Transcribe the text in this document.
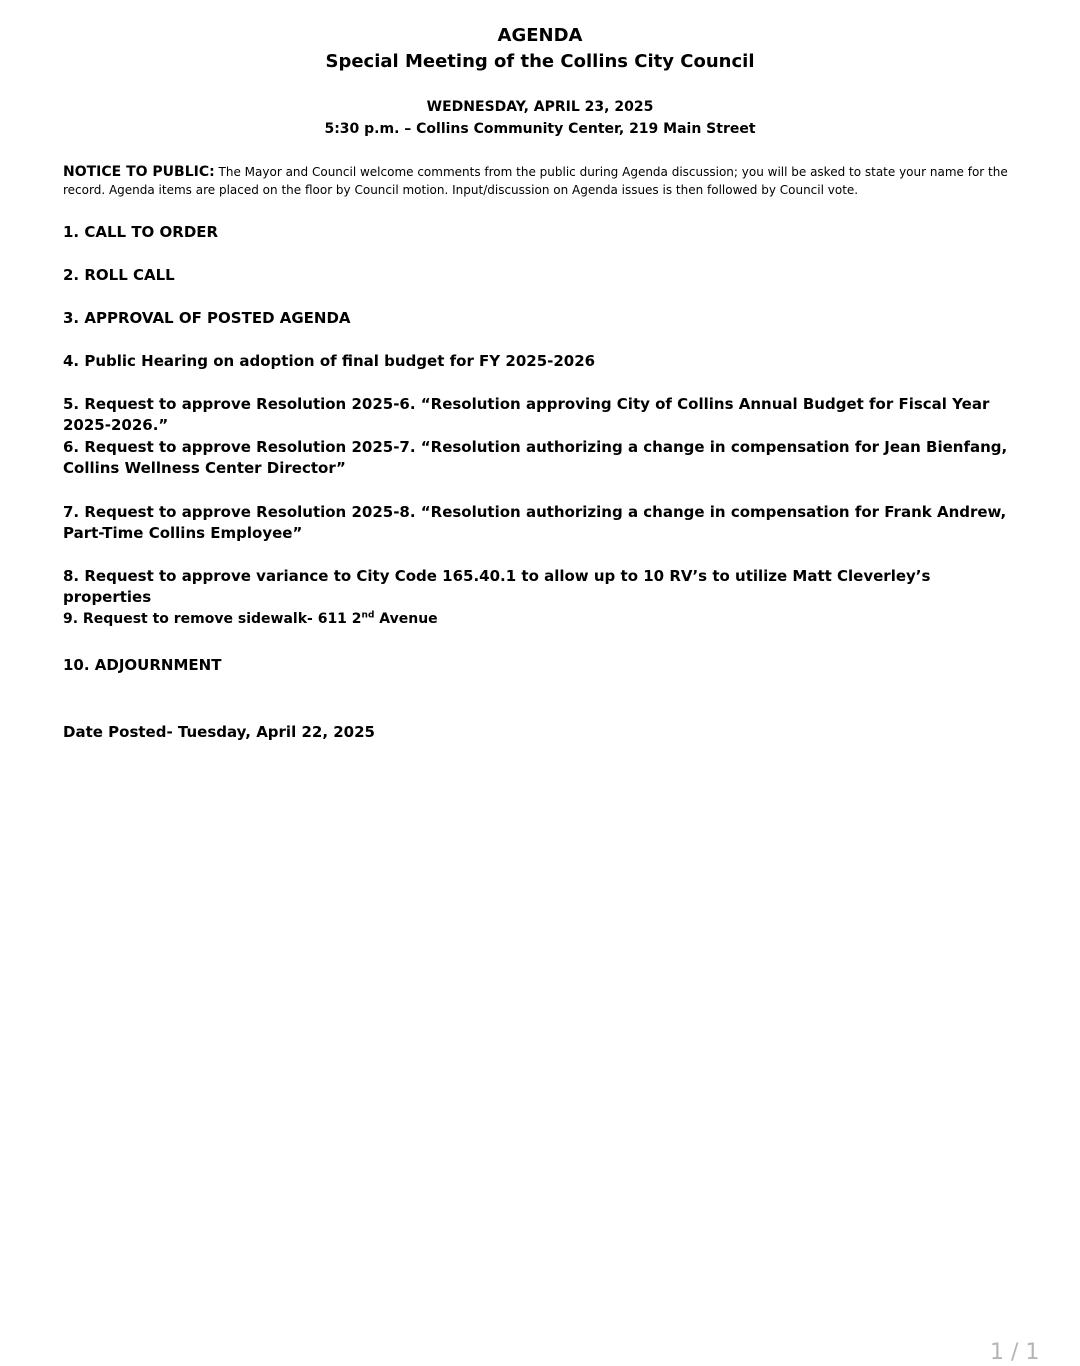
AGENDA
Special Meeting of the Collins City Council
WEDNESDAY, APRIL 23, 2025
5:30 p.m. – Collins Community Center, 219 Main Street
NOTICE TO PUBLIC: The Mayor and Council welcome comments from the public during Agenda discussion; you will be asked to state your name for the record. Agenda items are placed on the floor by Council motion. Input/discussion on Agenda issues is then followed by Council vote.
1. CALL TO ORDER
2. ROLL CALL
3. APPROVAL OF POSTED AGENDA
4. Public Hearing on adoption of final budget for FY 2025-2026
5. Request to approve Resolution 2025-6. “Resolution approving City of Collins Annual Budget for Fiscal Year 2025-2026.”
6. Request to approve Resolution 2025-7. “Resolution authorizing a change in compensation for Jean Bienfang, Collins Wellness Center Director”
7. Request to approve Resolution 2025-8. “Resolution authorizing a change in compensation for Frank Andrew, Part-Time Collins Employee”
8. Request to approve variance to City Code 165.40.1 to allow up to 10 RV’s to utilize Matt Cleverley’s properties
9. Request to remove sidewalk- 611 2nd Avenue
10. ADJOURNMENT
Date Posted- Tuesday, April 22, 2025
1 / 1
